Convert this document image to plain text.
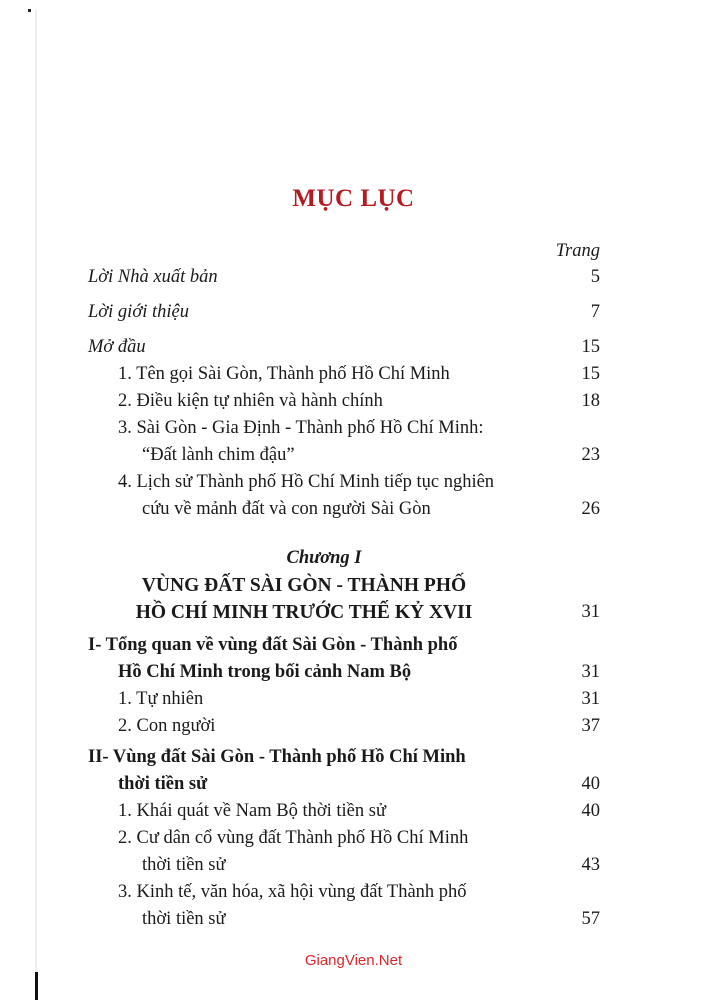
MỤC LỤC
Trang
Lời Nhà xuất bản	5
Lời giới thiệu	7
Mở đầu	15
1. Tên gọi Sài Gòn, Thành phố Hồ Chí Minh	15
2. Điều kiện tự nhiên và hành chính	18
3. Sài Gòn - Gia Định - Thành phố Hồ Chí Minh:
“Đất lành chim đậu”	23
4. Lịch sử Thành phố Hồ Chí Minh tiếp tục nghiên
cứu về mảnh đất và con người Sài Gòn	26
Chương I
VÙNG ĐẤT SÀI GÒN - THÀNH PHỐ
HỒ CHÍ MINH TRƯỚC THẾ KỶ XVII	31
I- Tổng quan về vùng đất Sài Gòn - Thành phố
Hồ Chí Minh trong bối cảnh Nam Bộ	31
1. Tự nhiên	31
2. Con người	37
II- Vùng đất Sài Gòn - Thành phố Hồ Chí Minh
thời tiền sử	40
1. Khái quát về Nam Bộ thời tiền sử	40
2. Cư dân cổ vùng đất Thành phố Hồ Chí Minh
thời tiền sử	43
3. Kinh tế, văn hóa, xã hội vùng đất Thành phố
thời tiền sử	57
GiangVien.Net
